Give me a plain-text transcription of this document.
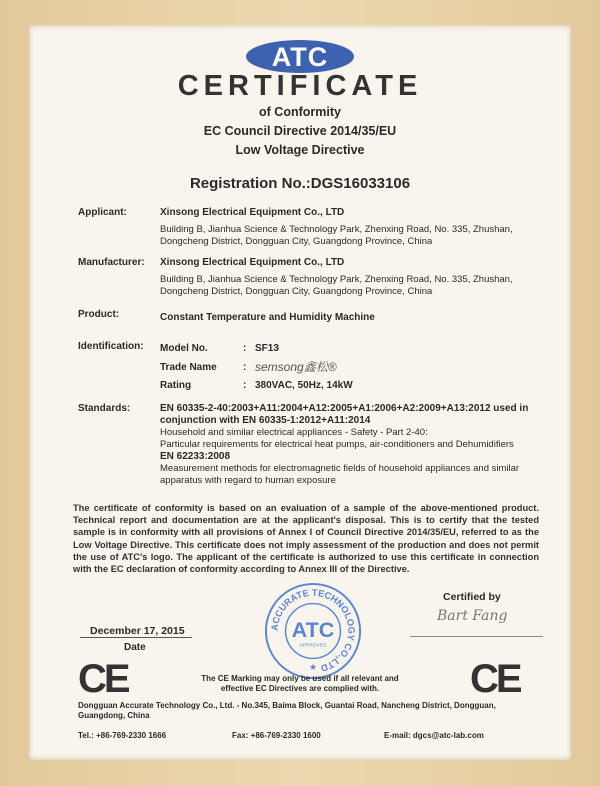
ATC
CERTIFICATE
of Conformity
EC Council Directive 2014/35/EU
Low Voltage Directive
Registration No.:DGS16033106
Applicant:	Xinsong Electrical Equipment Co., LTD
Building B, Jianhua Science & Technology Park, Zhenxing Road, No. 335, Zhushan,
Dongcheng District, Dongguan City, Guangdong Province, China
Manufacturer: Xinsong Electrical Equipment Co., LTD
Building B, Jianhua Science & Technology Park, Zhenxing Road, No. 335, Zhushan,
Dongcheng District, Dongguan City, Guangdong Province, China
Product:	Constant Temperature and Humidity Machine
Identification: Model No.	: SF13
Trade Name	: semsong鑫松®
Rating	: 380VAC, 50Hz, 14kW
Standards:	EN 60335-2-40:2003+A11:2004+A12:2005+A1:2006+A2:2009+A13:2012 used in
conjunction with EN 60335-1:2012+A11:2014
Household and similar electrical appliances - Safety - Part 2-40:
Particular requirements for electrical heat pumps, air-conditioners and Dehumidifiers
EN 62233:2008
Measurement methods for electromagnetic fields of household appliances and similar
apparatus with regard to human exposure
The certificate of conformity is based on an evaluation of a sample of the above-mentioned product. Technical report and documentation are at the applicant's disposal. This is to certify that the tested sample is in conformity with all provisions of Annex I of Council Directive 2014/35/EU, referred to as the Low Voltage Directive. This certificate does not imply assessment of the production and does not permit the use of ATC's logo. The applicant of the certificate is authorized to use this certificate in connection with the EC declaration of conformity according to Annex III of the Directive.
December 17, 2015
Date
ACCURATE TECHNOLOGY CO.,LTD
ATC
APPROVED
★
Certified by
Bart Fang
CE	CE
The CE Marking may only be used if all relevant and
effective EC Directives are complied with.
Dongguan Accurate Technology Co., Ltd. - No.345, Baima Block, Guantai Road, Nancheng District, Dongguan,
Guangdong, China
Tel.: +86-769-2330 1666	Fax: +86-769-2330 1600	E-mail: dgcs@atc-lab.com
